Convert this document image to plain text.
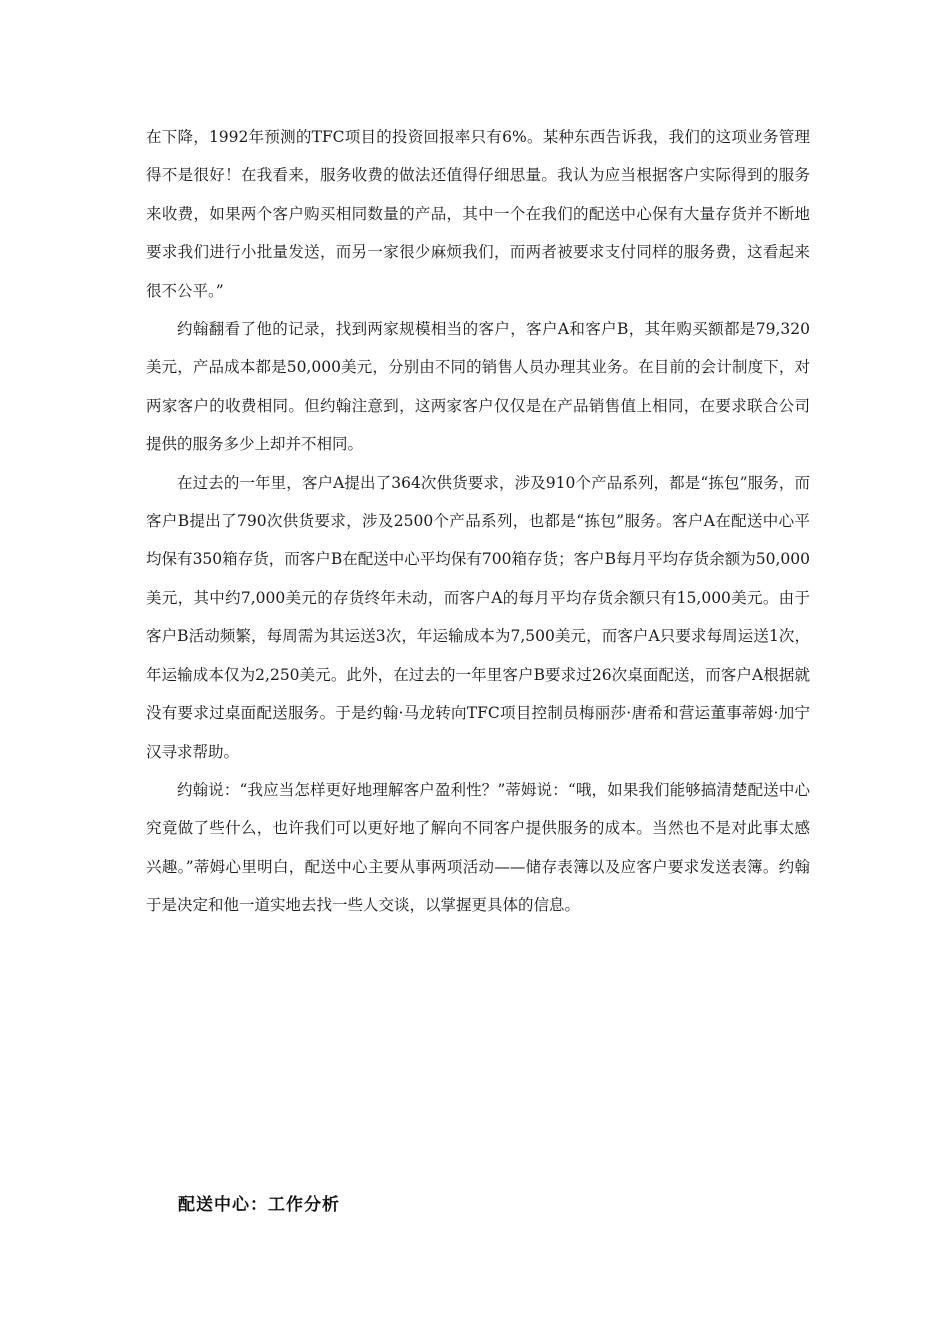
在下降，1992年预测的TFC项目的投资回报率只有6%。某种东西告诉我，我们的这项业务管理得不是很好！在我看来，服务收费的做法还值得仔细思量。我认为应当根据客户实际得到的服务来收费，如果两个客户购买相同数量的产品，其中一个在我们的配送中心保有大量存货并不断地要求我们进行小批量发送，而另一家很少麻烦我们，而两者被要求支付同样的服务费，这看起来很不公平。”

约翰翻看了他的记录，找到两家规模相当的客户，客户A和客户B，其年购买额都是79,320美元，产品成本都是50,000美元，分别由不同的销售人员办理其业务。在目前的会计制度下，对两家客户的收费相同。但约翰注意到，这两家客户仅仅是在产品销售值上相同，在要求联合公司提供的服务多少上却并不相同。

在过去的一年里，客户A提出了364次供货要求，涉及910个产品系列，都是“拣包”服务，而客户B提出了790次供货要求，涉及2500个产品系列，也都是“拣包”服务。客户A在配送中心平均保有350箱存货，而客户B在配送中心平均保有700箱存货；客户B每月平均存货余额为50,000美元，其中约7,000美元的存货终年未动，而客户A的每月平均存货余额只有15,000美元。由于客户B活动频繁，每周需为其运送3次，年运输成本为7,500美元，而客户A只要求每周运送1次，年运输成本仅为2,250美元。此外，在过去的一年里客户B要求过26次桌面配送，而客户A根据就没有要求过桌面配送服务。于是约翰·马龙转向TFC项目控制员梅丽莎·唐希和营运董事蒂姆·加宁汉寻求帮助。

约翰说：“我应当怎样更好地理解客户盈利性？”蒂姆说：“哦，如果我们能够搞清楚配送中心究竟做了些什么，也许我们可以更好地了解向不同客户提供服务的成本。当然也不是对此事太感兴趣。”蒂姆心里明白，配送中心主要从事两项活动——储存表簿以及应客户要求发送表簿。约翰于是决定和他一道实地去找一些人交谈，以掌握更具体的信息。

配送中心：工作分析
